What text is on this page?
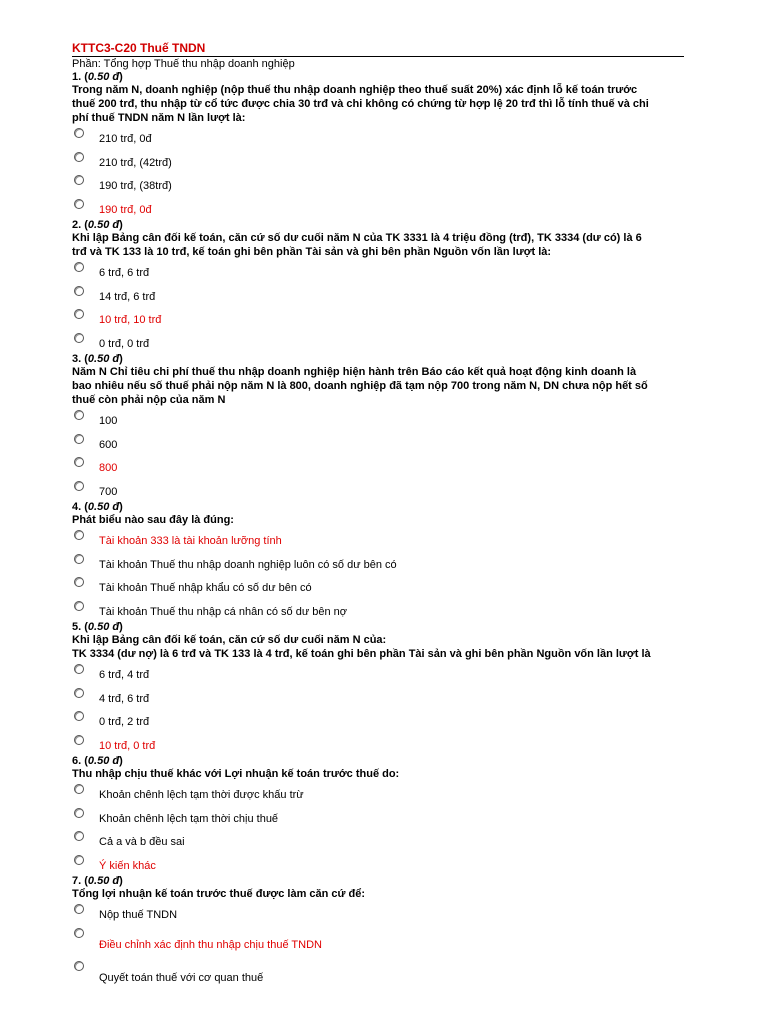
KTTC3-C20 Thuế TNDN
Phần: Tổng hợp Thuế thu nhập doanh nghiệp
1. (0.50 đ)
Trong năm N, doanh nghiệp (nộp thuế thu nhập doanh nghiệp theo thuế suất 20%) xác định lỗ kế toán trước
thuế 200 trđ, thu nhập từ cổ tức được chia 30 trđ và chi không có chứng từ hợp lệ 20 trđ thì lỗ tính thuế và chi
phí thuế TNDN năm N lần lượt là:
210 trđ, 0đ
210 trđ, (42trđ)
190 trđ, (38trđ)
190 trđ, 0đ
2. (0.50 đ)
Khi lập Bảng cân đối kế toán, căn cứ số dư cuối năm N của TK 3331 là 4 triệu đồng (trđ), TK 3334 (dư có) là 6
trđ và TK 133 là 10 trđ, kế toán ghi bên phần Tài sản và ghi bên phần Nguồn vốn lần lượt là:
6 trđ, 6 trđ
14 trđ, 6 trđ
10 trđ, 10 trđ
0 trđ, 0 trđ
3. (0.50 đ)
Năm N Chỉ tiêu chi phí thuế thu nhập doanh nghiệp hiện hành trên Báo cáo kết quả hoạt động kinh doanh là
bao nhiêu nếu số thuế phải nộp năm N là 800, doanh nghiệp đã tạm nộp 700 trong năm N, DN chưa nộp hết số
thuế còn phải nộp của năm N
100
600
800
700
4. (0.50 đ)
Phát biểu nào sau đây là đúng:
Tài khoản 333 là tài khoản lưỡng tính
Tài khoản Thuế thu nhập doanh nghiệp luôn có số dư bên có
Tài khoản Thuế nhập khẩu có số dư bên có
Tài khoản Thuế thu nhập cá nhân có số dư bên nợ
5. (0.50 đ)
Khi lập Bảng cân đối kế toán, căn cứ số dư cuối năm N của:
TK 3334 (dư nợ) là 6 trđ và TK 133 là 4 trđ, kế toán ghi bên phần Tài sản và ghi bên phần Nguồn vốn lần lượt là
6 trđ, 4 trđ
4 trđ, 6 trđ
0 trđ, 2 trđ
10 trđ, 0 trđ
6. (0.50 đ)
Thu nhập chịu thuế khác với Lợi nhuận kế toán trước thuế do:
Khoản chênh lệch tạm thời được khấu trừ
Khoản chênh lệch tạm thời chịu thuế
Cả a và b đều sai
Ý kiến khác
7. (0.50 đ)
Tổng lợi nhuận kế toán trước thuế được làm căn cứ để:
Nộp thuế TNDN
Điều chỉnh xác định thu nhập chịu thuế TNDN
Quyết toán thuế với cơ quan thuế
